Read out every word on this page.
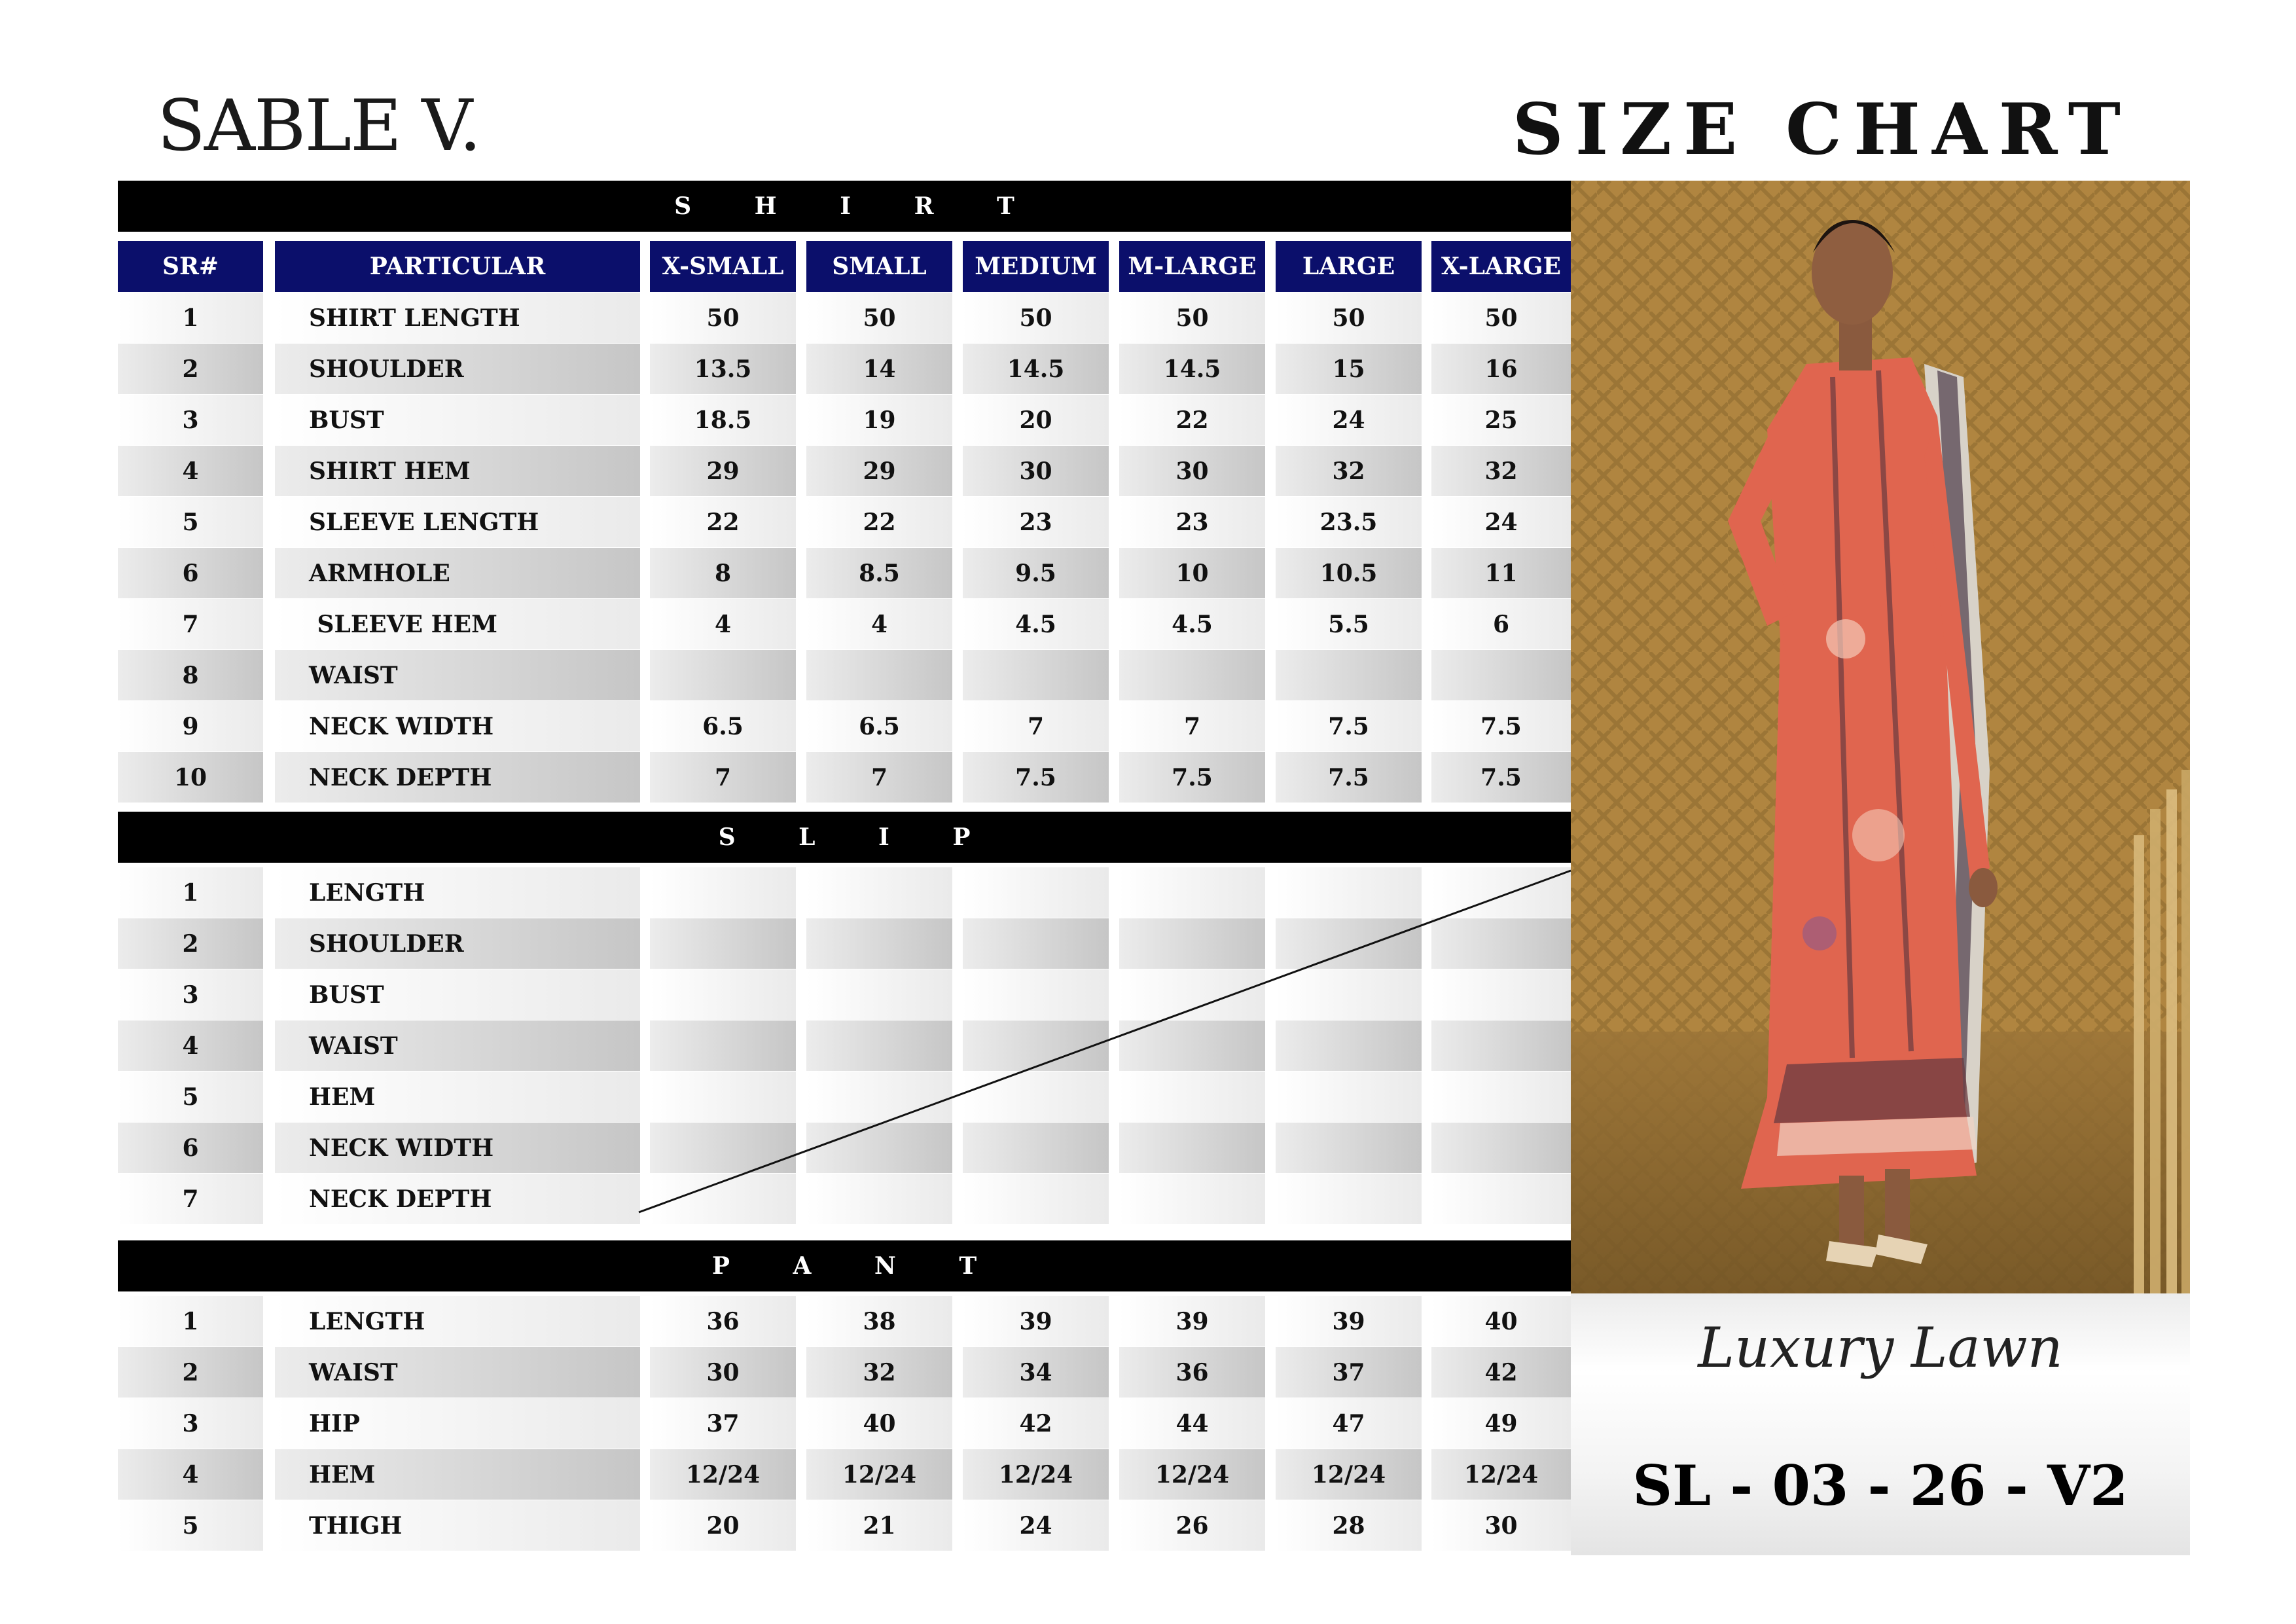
SABLE V.	SIZE CHART
S H I R T
SR#	PARTICULAR	X-SMALL	SMALL	MEDIUM	M-LARGE	LARGE	X-LARGE
1	SHIRT LENGTH	50	50	50	50	50	50
2	SHOULDER	13.5	14	14.5	14.5	15	16
3	BUST	18.5	19	20	22	24	25
4	SHIRT HEM	29	29	30	30	32	32
5	SLEEVE LENGTH	22	22	23	23	23.5	24
6	ARMHOLE	8	8.5	9.5	10	10.5	11
7	SLEEVE HEM	4	4	4.5	4.5	5.5	6
8	WAIST
9	NECK WIDTH	6.5	6.5	7	7	7.5	7.5
10	NECK DEPTH	7	7	7.5	7.5	7.5	7.5
S L I P
1	LENGTH
2	SHOULDER
3	BUST
4	WAIST
5	HEM
6	NECK WIDTH
7	NECK DEPTH
P A N T
1	LENGTH	36	38	39	39	39	40
2	WAIST	30	32	34	36	37	42
3	HIP	37	40	42	44	47	49
4	HEM	12/24	12/24	12/24	12/24	12/24	12/24
5	THIGH	20	21	24	26	28	30
Luxury Lawn
SL - 03 - 26 - V2
